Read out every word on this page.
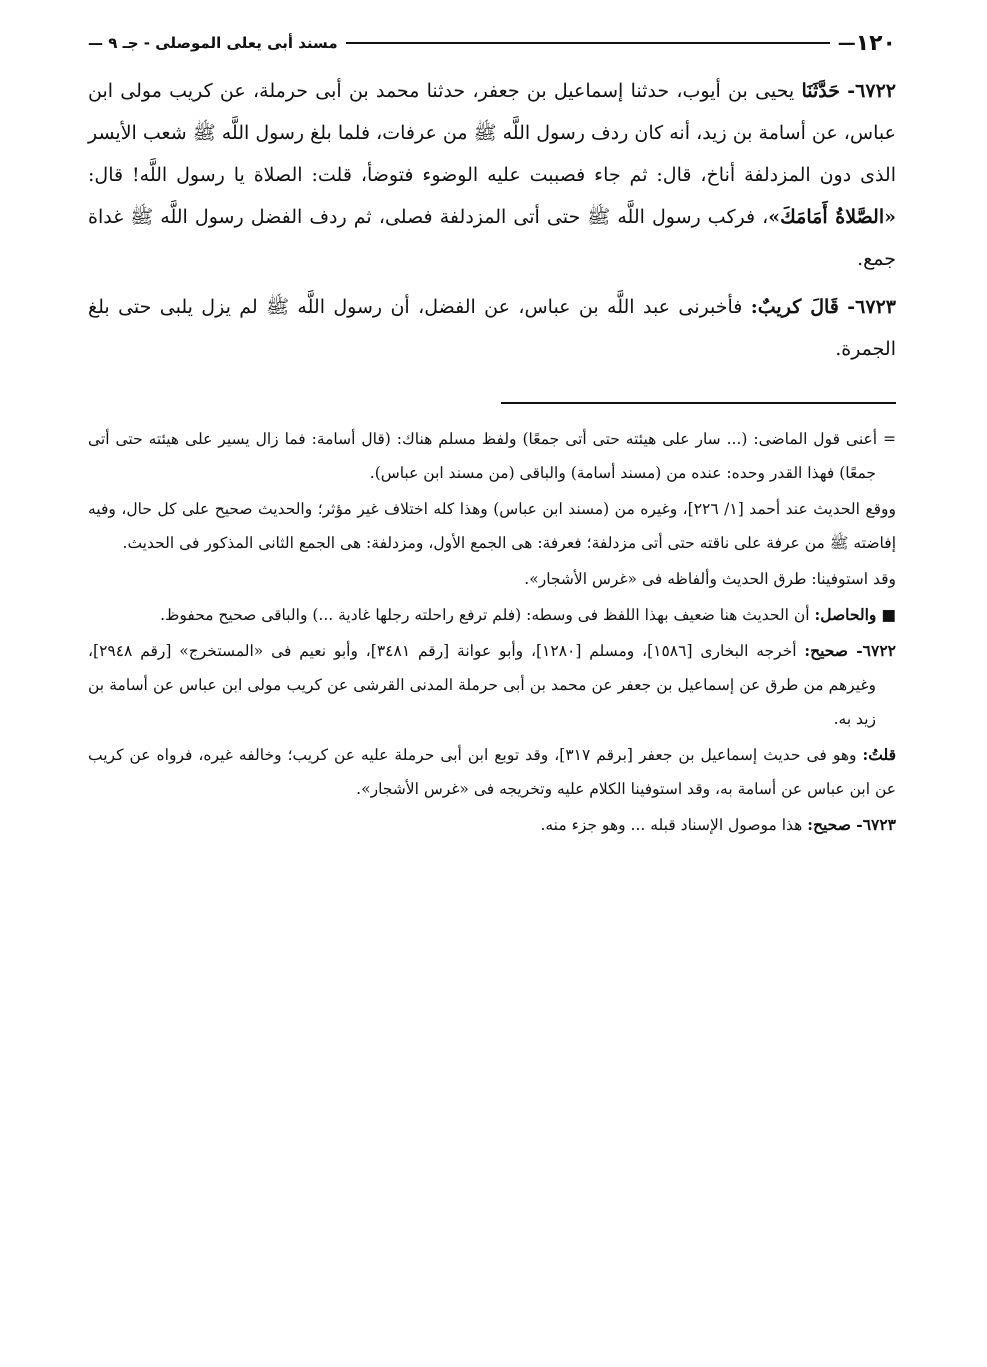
١٢٠
—
مسند أبى يعلى الموصلى - جـ ٩ —

٦٧٢٢- حَدَّثَنَا يحيى بن أيوب، حدثنا إسماعيل بن جعفر، حدثنا محمد بن أبى حرملة، عن كريب مولى ابن عباس، عن أسامة بن زيد، أنه كان ردف رسول اللَّه ﷺ من عرفات، فلما بلغ رسول اللَّه ﷺ شعب الأيسر الذى دون المزدلفة أناخ، قال: ثم جاء فصببت عليه الوضوء فتوضأ، قلت: الصلاة يا رسول اللَّه! قال: «الصَّلاةُ أَمَامَكَ»، فركب رسول اللَّه ﷺ حتى أتى المزدلفة فصلى، ثم ردف الفضل رسول اللَّه ﷺ غداة جمع.

٦٧٢٣- قَالَ كريبٌ: فأخبرنى عبد اللَّه بن عباس، عن الفضل، أن رسول اللَّه ﷺ لم يزل يلبى حتى بلغ الجمرة.

= أعنى قول الماضى: (... سار على هيئته حتى أتى جمعًا) ولفظ مسلم هناك: (قال أسامة: فما زال يسير على هيئته حتى أتى جمعًا) فهذا القدر وحده: عنده من (مسند أسامة) والباقى (من مسند ابن عباس).

ووقع الحديث عند أحمد [١/ ٢٢٦]، وغيره من (مسند ابن عباس) وهذا كله اختلاف غير مؤثر؛ والحديث صحيح على كل حال، وفيه إفاضته ﷺ من عرفة على ناقته حتى أتى مزدلفة؛ فعرفة: هى الجمع الأول، ومزدلفة: هى الجمع الثانى المذكور فى الحديث.

وقد استوفينا: طرق الحديث وألفاظه فى «غرس الأشجار».

■ والحاصل: أن الحديث هنا ضعيف بهذا اللفظ فى وسطه: (فلم ترفع راحلته رجلها غادية ...) والباقى صحيح محفوظ.

٦٧٢٢- صحيح: أخرجه البخارى [١٥٨٦]، ومسلم [١٢٨٠]، وأبو عوانة [رقم ٣٤٨١]، وأبو نعيم فى «المستخرج» [رقم ٢٩٤٨]، وغيرهم من طرق عن إسماعيل بن جعفر عن محمد بن أبى حرملة المدنى القرشى عن كريب مولى ابن عباس عن أسامة بن زيد به.

قلتُ: وهو فى حديث إسماعيل بن جعفر [برقم ٣١٧]، وقد توبع ابن أبى حرملة عليه عن كريب؛ وخالفه غيره، فرواه عن كريب عن ابن عباس عن أسامة به، وقد استوفينا الكلام عليه وتخريجه فى «غرس الأشجار».

٦٧٢٣- صحيح: هذا موصول الإسناد قبله ... وهو جزء منه.
